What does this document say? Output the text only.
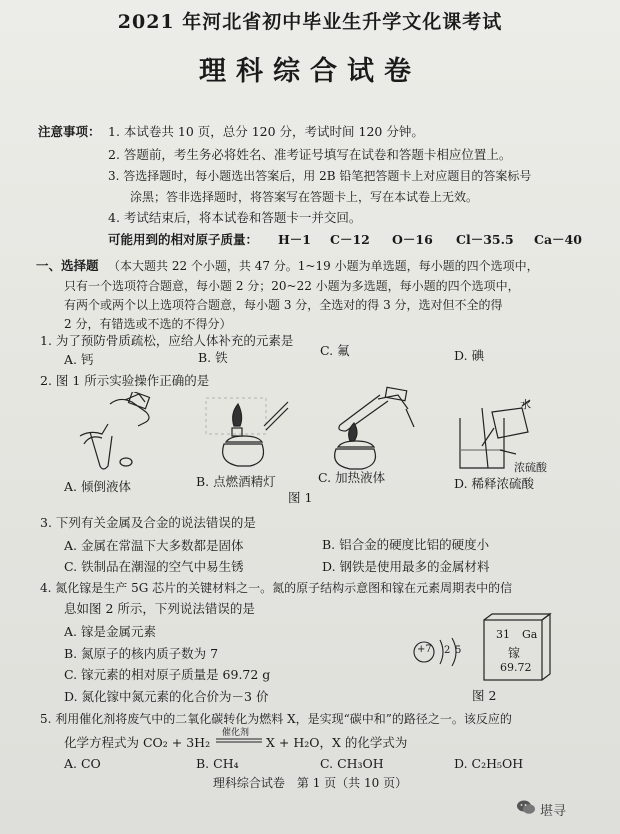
2021 年河北省初中毕业生升学文化课考试
理科综合试卷
注意事项： 1. 本试卷共 10 页，总分 120 分，考试时间 120 分钟。
2. 答题前，考生务必将姓名、准考证号填写在试卷和答题卡相应位置上。
3. 答选择题时，每小题选出答案后，用 2B 铅笔把答题卡上对应题目的答案标号
涂黑；答非选择题时，将答案写在答题卡上，写在本试卷上无效。
4. 考试结束后，将本试卷和答题卡一并交回。
可能用到的相对原子质量： H－1 C－12 O－16 Cl－35.5 Ca－40
一、选择题 （本大题共 22 个小题，共 47 分。1~19 小题为单选题，每小题的四个选项中，
只有一个选项符合题意，每小题 2 分；20~22 小题为多选题，每小题的四个选项中，
有两个或两个以上选项符合题意，每小题 3 分，全选对的得 3 分，选对但不全的得
2 分，有错选或不选的不得分）
1. 为了预防骨质疏松，应给人体补充的元素是
A. 钙	B. 铁	C. 氟	D. 碘
2. 图 1 所示实验操作正确的是
水
浓硫酸
A. 倾倒液体	B. 点燃酒精灯	C. 加热液体	D. 稀释浓硫酸
图 1
3. 下列有关金属及合金的说法错误的是
A. 金属在常温下大多数都是固体	B. 铝合金的硬度比铝的硬度小
C. 铁制品在潮湿的空气中易生锈	D. 钢铁是使用最多的金属材料
4. 氮化镓是生产 5G 芯片的关键材料之一。氮的原子结构示意图和镓在元素周期表中的信
息如图 2 所示，下列说法错误的是
A. 镓是金属元素
B. 氮原子的核内质子数为 7
C. 镓元素的相对原子质量是 69.72 g
D. 氮化镓中氮元素的化合价为－3 价
+7 2 5
31 Ga
镓
69.72
图 2
5. 利用催化剂将废气中的二氧化碳转化为燃料 X，是实现“碳中和”的路径之一。该反应的
化学方程式为 CO₂ + 3H₂
催化剂
X + H₂O，X 的化学式为
A. CO	B. CH₄	C. CH₃OH	D. C₂H₅OH
理科综合试卷　第 1 页（共 10 页）
堪寻
